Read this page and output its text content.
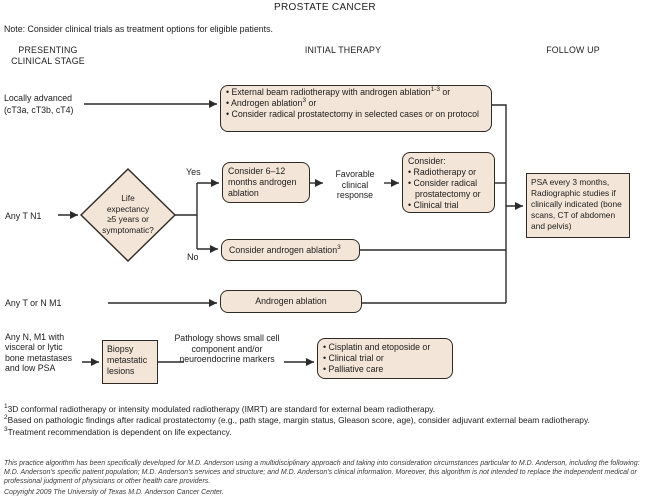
PROSTATE CANCER
Note: Consider clinical trials as treatment options for eligible patients.
PRESENTING
CLINICAL STAGE
INITIAL THERAPY	FOLLOW UP
Locally advanced
(cT3a, cT3b, cT4)
Any T N1
Any T or N M1
Any N, M1 with
visceral or lytic
bone metastases
and low PSA
Life
expectancy
≥5 years or
symptomatic?
Yes
No
• External beam radiotherapy with androgen ablation$^{1-3}$ or
• Androgen ablation$^3$ or
• Consider radical prostatectomy in selected cases or on protocol
Consider 6–12 months androgen ablation
Favorable clinical response
Consider:
• Radiotherapy or
• Consider radical prostatectomy or
• Clinical trial
Consider androgen ablation$^3$
Androgen ablation
PSA every 3 months, Radiographic studies if clinically indicated (bone scans, CT of abdomen and pelvis)
Biopsy metastatic lesions
Pathology shows small cell component and/or neuroendocrine markers
• Cisplatin and etoposide or
• Clinical trial or
• Palliative care
$^1$3D conformal radiotherapy or intensity modulated radiotherapy (IMRT) are standard for external beam radiotherapy.
$^2$Based on pathologic findings after radical prostatectomy (e.g., path stage, margin status, Gleason score, age), consider adjuvant external beam radiotherapy.
$^3$Treatment recommendation is dependent on life expectancy.
This practice algorithm has been specifically developed for M.D. Anderson using a multidisciplinary approach and taking into consideration circumstances particular to M.D. Anderson, including the following: M.D. Anderson's specific patient population; M.D. Anderson's services and structure; and M.D. Anderson's clinical information. Moreover, this algorithm is not intended to replace the independent medical or professional judgment of physicians or other health care providers.
Copyright 2009 The University of Texas M.D. Anderson Cancer Center.
